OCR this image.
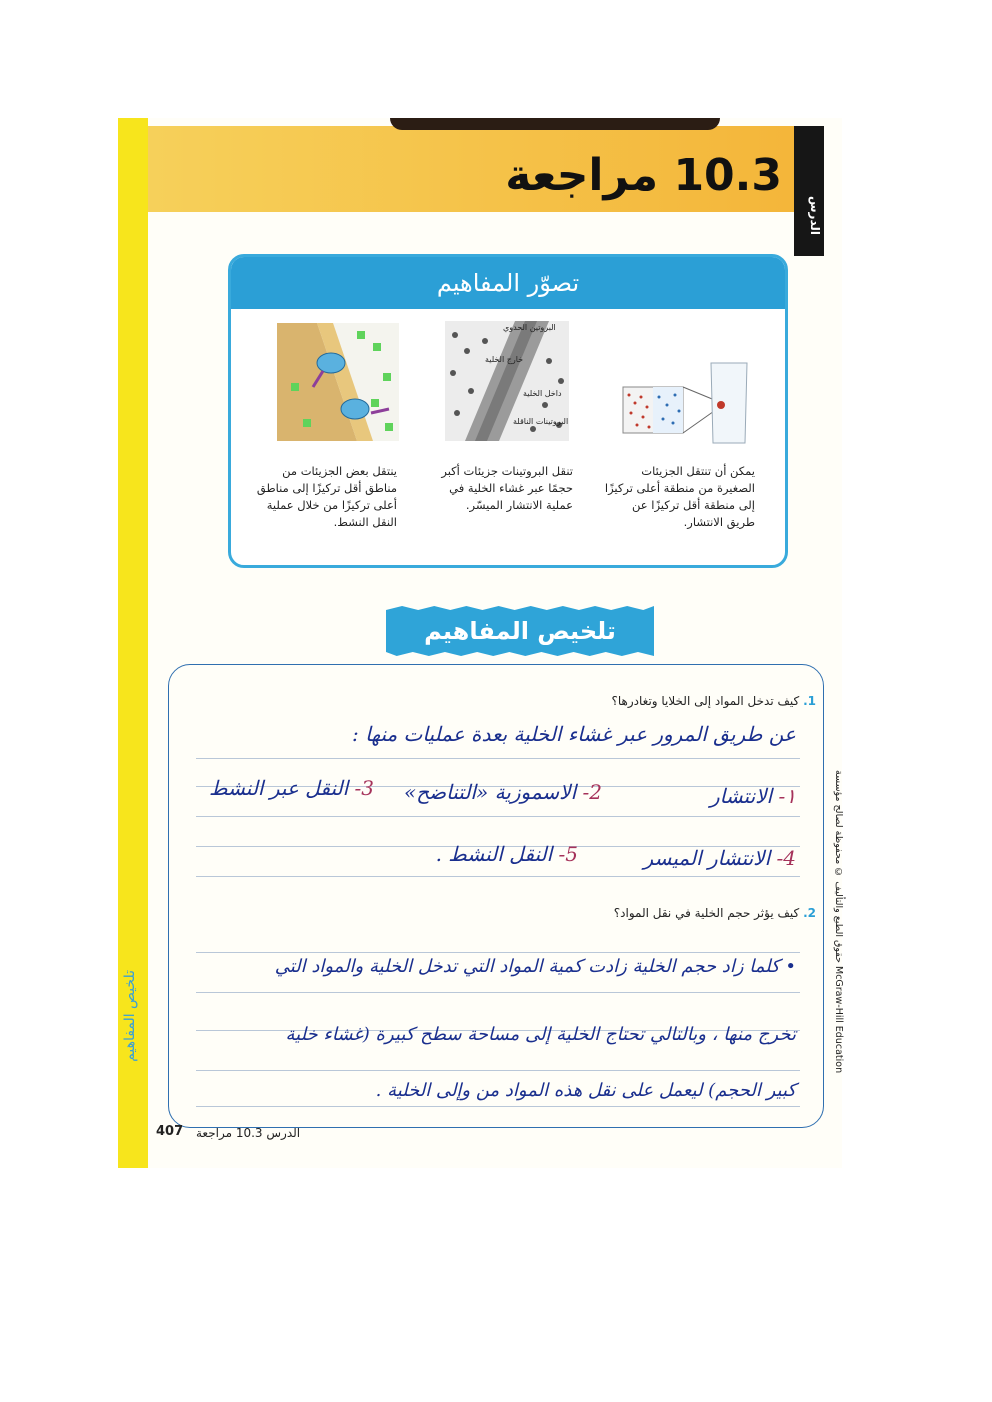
الدرس
10.3 مراجعة
تصوّر المفاهيم
يمكن أن تنتقل الجزيئات الصغيرة من منطقة أعلى تركيزًا إلى منطقة أقل تركيزًا عن طريق الانتشار.
البروتين الحدوي
خارج الخلية
داخل الخلية
البروتينات الناقلة
تنقل البروتينات جزيئات أكبر حجمًا عبر غشاء الخلية في عملية الانتشار الميسّر.
ينتقل بعض الجزيئات من مناطق أقل تركيزًا إلى مناطق أعلى تركيزًا من خلال عملية النقل النشط.
تلخيص المفاهيم
1. كيف تدخل المواد إلى الخلايا وتغادرها؟
عن طريق المرور عبر غشاء الخلية بعدة عمليات منها :
١- الانتشار
2- الاسموزية «التناضح»
3- النقل عبر النشط
4- الانتشار الميسر
5- النقل النشط .
2. كيف يؤثر حجم الخلية في نقل المواد؟
• كلما زاد حجم الخلية زادت كمية المواد التي تدخل الخلية والمواد التي
تخرج منها ، وبالتالي تحتاج الخلية إلى مساحة سطح كبيرة (غشاء خلية
كبير الحجم) ليعمل على نقل هذه المواد من وإلى الخلية .
الدرس 10.3 مراجعة
407
تلخيص المفاهيم
McGraw-Hill Education حقوق الطبع والتأليف © محفوظة لصالح مؤسسة
